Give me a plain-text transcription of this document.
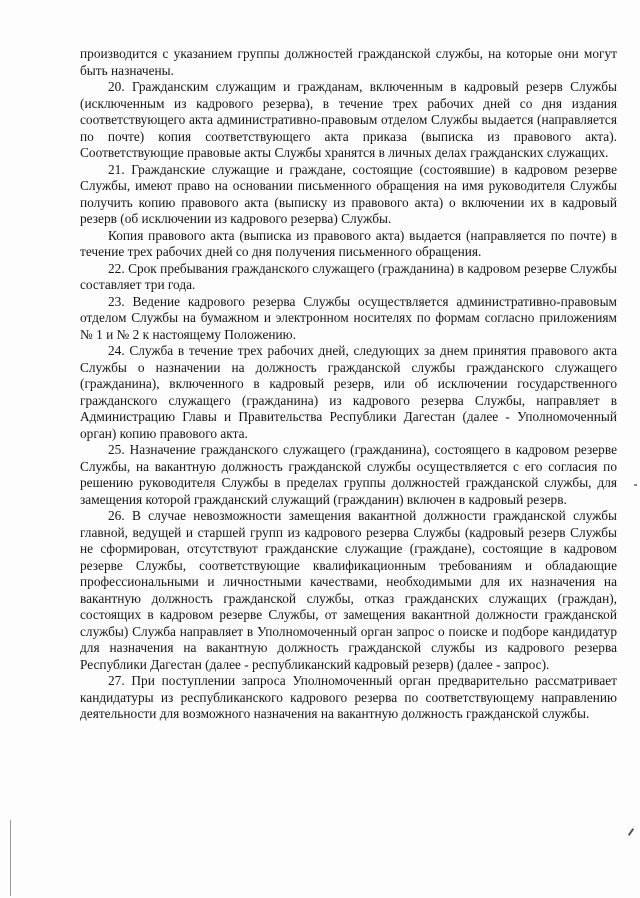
производится с указанием группы должностей гражданской службы, на которые они могут быть назначены.

20. Гражданским служащим и гражданам, включенным в кадровый резерв Службы (исключенным из кадрового резерва), в течение трех рабочих дней со дня издания соответствующего акта административно-правовым отделом Службы выдается (направляется по почте) копия соответствующего акта приказа (выписка из правового акта). Соответствующие правовые акты Службы хранятся в личных делах гражданских служащих.

21. Гражданские служащие и граждане, состоящие (состоявшие) в кадровом резерве Службы, имеют право на основании письменного обращения на имя руководителя Службы получить копию правового акта (выписку из правового акта) о включении их в кадровый резерв (об исключении из кадрового резерва) Службы.

Копия правового акта (выписка из правового акта) выдается (направляется по почте) в течение трех рабочих дней со дня получения письменного обращения.

22. Срок пребывания гражданского служащего (гражданина) в кадровом резерве Службы составляет три года.

23. Ведение кадрового резерва Службы осуществляется административно-правовым отделом Службы на бумажном и электронном носителях по формам согласно приложениям № 1 и № 2 к настоящему Положению.

24. Служба в течение трех рабочих дней, следующих за днем принятия правового акта Службы о назначении на должность гражданской службы гражданского служащего (гражданина), включенного в кадровый резерв, или об исключении государственного гражданского служащего (гражданина) из кадрового резерва Службы, направляет в Администрацию Главы и Правительства Республики Дагестан (далее - Уполномоченный орган) копию правового акта.

25. Назначение гражданского служащего (гражданина), состоящего в кадровом резерве Службы, на вакантную должность гражданской службы осуществляется с его согласия по решению руководителя Службы в пределах группы должностей гражданской службы, для замещения которой гражданский служащий (гражданин) включен в кадровый резерв.

26. В случае невозможности замещения вакантной должности гражданской службы главной, ведущей и старшей групп из кадрового резерва Службы (кадровый резерв Службы не сформирован, отсутствуют гражданские служащие (граждане), состоящие в кадровом резерве Службы, соответствующие квалификационным требованиям и обладающие профессиональными и личностными качествами, необходимыми для их назначения на вакантную должность гражданской службы, отказ гражданских служащих (граждан), состоящих в кадровом резерве Службы, от замещения вакантной должности гражданской службы) Служба направляет в Уполномоченный орган запрос о поиске и подборе кандидатур для назначения на вакантную должность гражданской службы из кадрового резерва Республики Дагестан (далее - республиканский кадровый резерв) (далее - запрос).

27. При поступлении запроса Уполномоченный орган предварительно рассматривает кандидатуры из республиканского кадрового резерва по соответствующему направлению деятельности для возможного назначения на вакантную должность гражданской службы.
